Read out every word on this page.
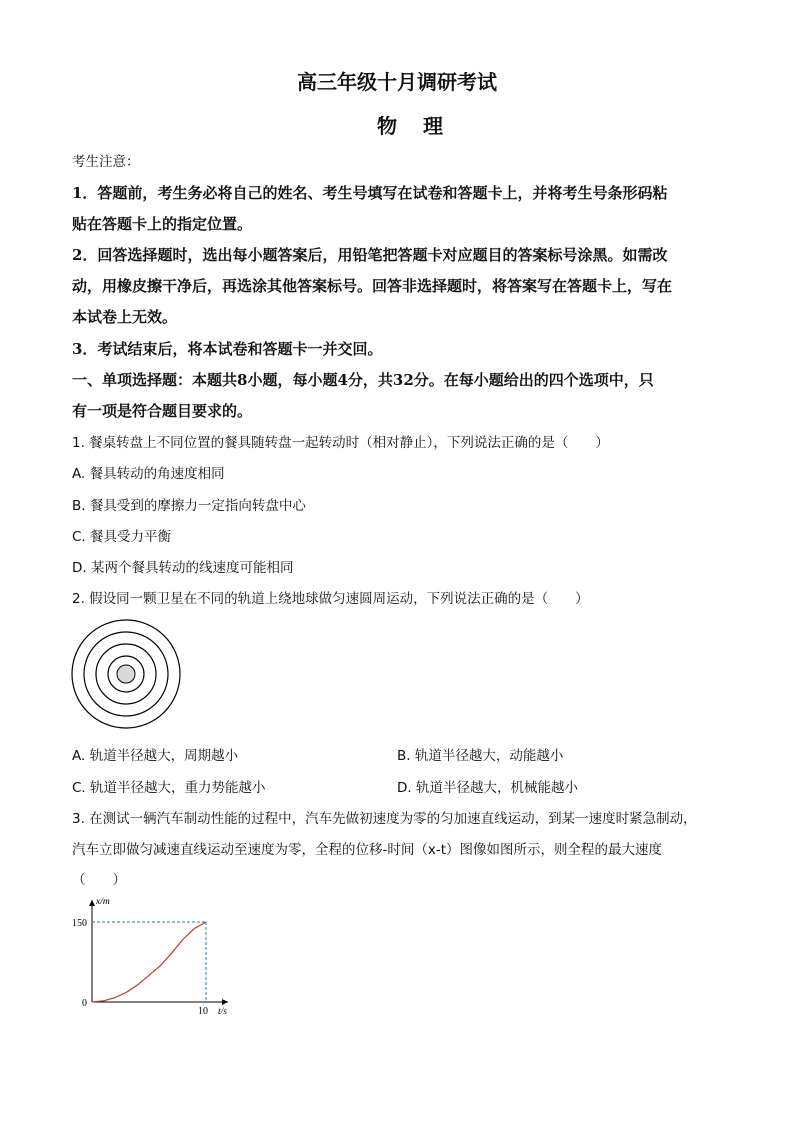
高三年级十月调研考试
物理
考生注意：
1．答题前，考生务必将自己的姓名、考生号填写在试卷和答题卡上，并将考生号条形码粘
贴在答题卡上的指定位置。
2．回答选择题时，选出每小题答案后，用铅笔把答题卡对应题目的答案标号涂黑。如需改
动，用橡皮擦干净后，再选涂其他答案标号。回答非选择题时，将答案写在答题卡上，写在
本试卷上无效。
3．考试结束后，将本试卷和答题卡一并交回。
一、单项选择题：本题共8小题，每小题4分，共32分。在每小题给出的四个选项中，只
有一项是符合题目要求的。
1. 餐桌转盘上不同位置的餐具随转盘一起转动时（相对静止），下列说法正确的是（　　）
A. 餐具转动的角速度相同
B. 餐具受到的摩擦力一定指向转盘中心
C. 餐具受力平衡
D. 某两个餐具转动的线速度可能相同
2. 假设同一颗卫星在不同的轨道上绕地球做匀速圆周运动，下列说法正确的是（　　）
A. 轨道半径越大，周期越小	B. 轨道半径越大，动能越小
C. 轨道半径越大，重力势能越小	D. 轨道半径越大，机械能越小
3. 在测试一辆汽车制动性能的过程中，汽车先做初速度为零的匀加速直线运动，到某一速度时紧急制动，
汽车立即做匀减速直线运动至速度为零，全程的位移-时间（x-t）图像如图所示，则全程的最大速度
（　　）
150
10
0
x/m
t/s
